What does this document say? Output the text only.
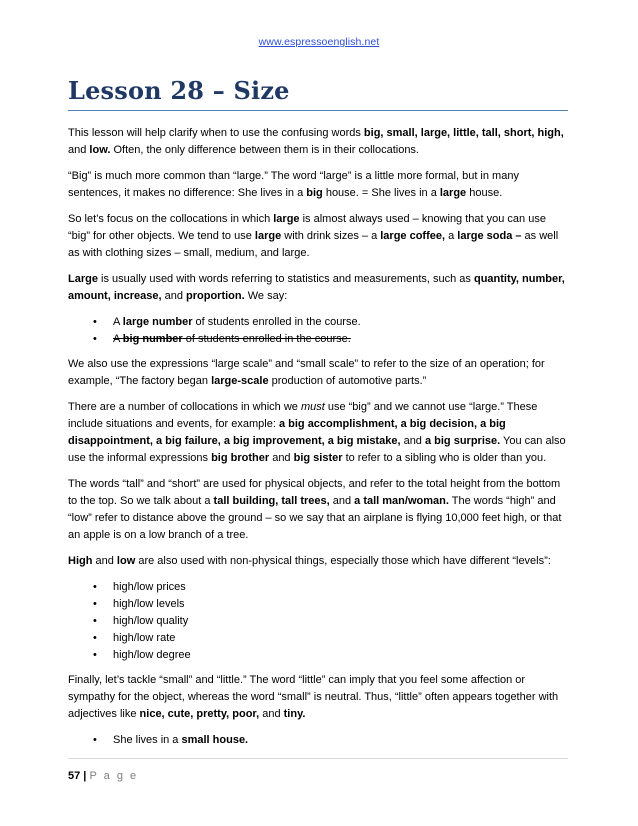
www.espressoenglish.net
Lesson 28 – Size

This lesson will help clarify when to use the confusing words big, small, large, little, tall, short, high, and low. Often, the only difference between them is in their collocations.

“Big” is much more common than “large.” The word “large” is a little more formal, but in many sentences, it makes no difference: She lives in a big house. = She lives in a large house.

So let’s focus on the collocations in which large is almost always used – knowing that you can use “big” for other objects. We tend to use large with drink sizes – a large coffee, a large soda – as well as with clothing sizes – small, medium, and large.

Large is usually used with words referring to statistics and measurements, such as quantity, number, amount, increase, and proportion. We say:

• A large number of students enrolled in the course.
• A big number of students enrolled in the course.

We also use the expressions “large scale” and “small scale” to refer to the size of an operation; for example, “The factory began large-scale production of automotive parts.”

There are a number of collocations in which we must use “big” and we cannot use “large.” These include situations and events, for example: a big accomplishment, a big decision, a big disappointment, a big failure, a big improvement, a big mistake, and a big surprise. You can also use the informal expressions big brother and big sister to refer to a sibling who is older than you.

The words “tall” and “short” are used for physical objects, and refer to the total height from the bottom to the top. So we talk about a tall building, tall trees, and a tall man/woman. The words “high” and “low” refer to distance above the ground – so we say that an airplane is flying 10,000 feet high, or that an apple is on a low branch of a tree.

High and low are also used with non-physical things, especially those which have different “levels”:

• high/low prices
• high/low levels
• high/low quality
• high/low rate
• high/low degree

Finally, let’s tackle “small” and “little.” The word “little” can imply that you feel some affection or sympathy for the object, whereas the word “small” is neutral. Thus, “little” often appears together with adjectives like nice, cute, pretty, poor, and tiny.

• She lives in a small house.
57 | P a g e
